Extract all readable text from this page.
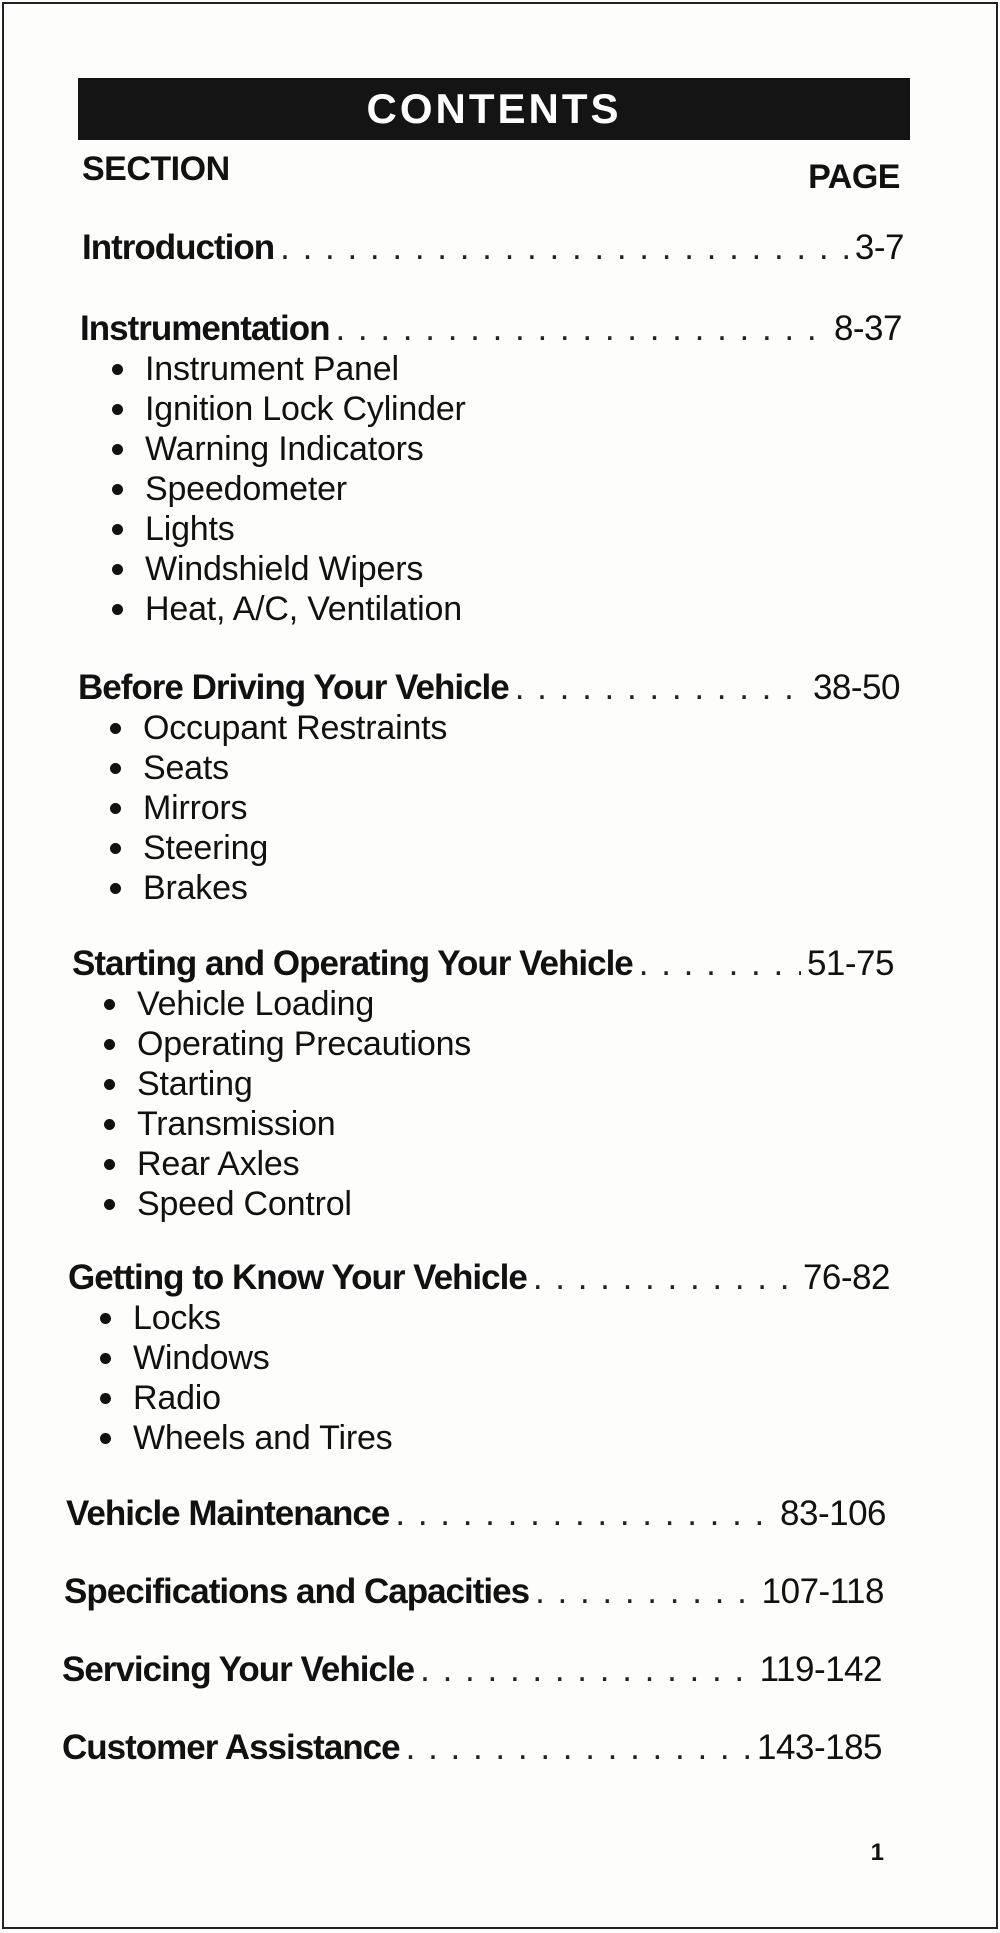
CONTENTS
SECTION	PAGE
Introduction . . .	3-7
Instrumentation . . .	8-37
Instrument Panel
Ignition Lock Cylinder
Warning Indicators
Speedometer
Lights
Windshield Wipers
Heat, A/C, Ventilation
Before Driving Your Vehicle . . .	38-50
Occupant Restraints
Seats
Mirrors
Steering
Brakes
Starting and Operating Your Vehicle . . .	51-75
Vehicle Loading
Operating Precautions
Starting
Transmission
Rear Axles
Speed Control
Getting to Know Your Vehicle . . .	76-82
Locks
Windows
Radio
Wheels and Tires
Vehicle Maintenance . . .	83-106
Specifications and Capacities . . .	107-118
Servicing Your Vehicle . . .	119-142
Customer Assistance . . .	143-185
1
